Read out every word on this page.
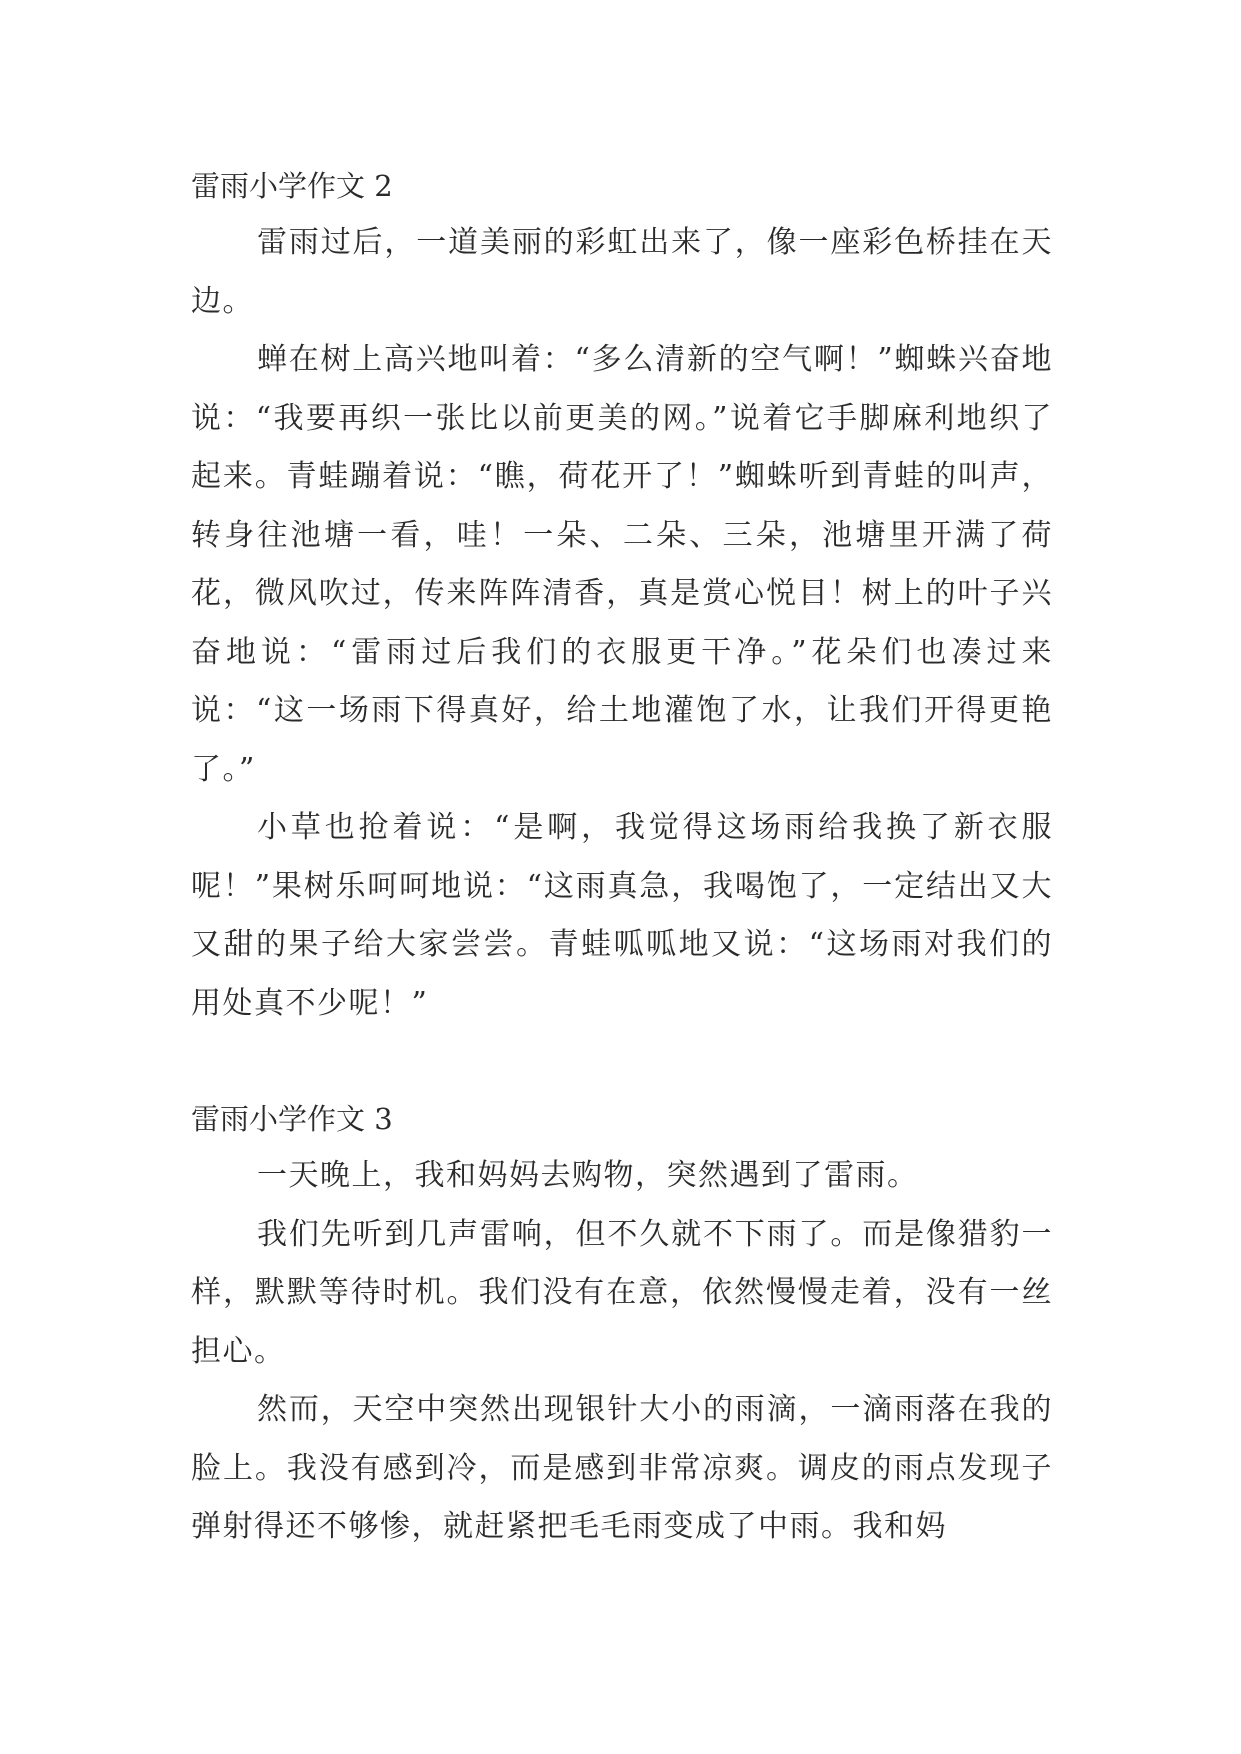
雷雨小学作文 2

雷雨过后，一道美丽的彩虹出来了，像一座彩色桥挂在天边。

蝉在树上高兴地叫着：“多么清新的空气啊！”蜘蛛兴奋地说：“我要再织一张比以前更美的网。”说着它手脚麻利地织了起来。青蛙蹦着说：“瞧，荷花开了！”蜘蛛听到青蛙的叫声，转身往池塘一看，哇！一朵、二朵、三朵，池塘里开满了荷花，微风吹过，传来阵阵清香，真是赏心悦目！树上的叶子兴奋地说：“雷雨过后我们的衣服更干净。”花朵们也凑过来说：“这一场雨下得真好，给土地灌饱了水，让我们开得更艳了。”

小草也抢着说：“是啊，我觉得这场雨给我换了新衣服呢！”果树乐呵呵地说：“这雨真急，我喝饱了，一定结出又大又甜的果子给大家尝尝。青蛙呱呱地又说：“这场雨对我们的用处真不少呢！”

雷雨小学作文 3

一天晚上，我和妈妈去购物，突然遇到了雷雨。

我们先听到几声雷响，但不久就不下雨了。而是像猎豹一样，默默等待时机。我们没有在意，依然慢慢走着，没有一丝担心。

然而，天空中突然出现银针大小的雨滴，一滴雨落在我的脸上。我没有感到冷，而是感到非常凉爽。调皮的雨点发现子弹射得还不够惨，就赶紧把毛毛雨变成了中雨。我和妈
